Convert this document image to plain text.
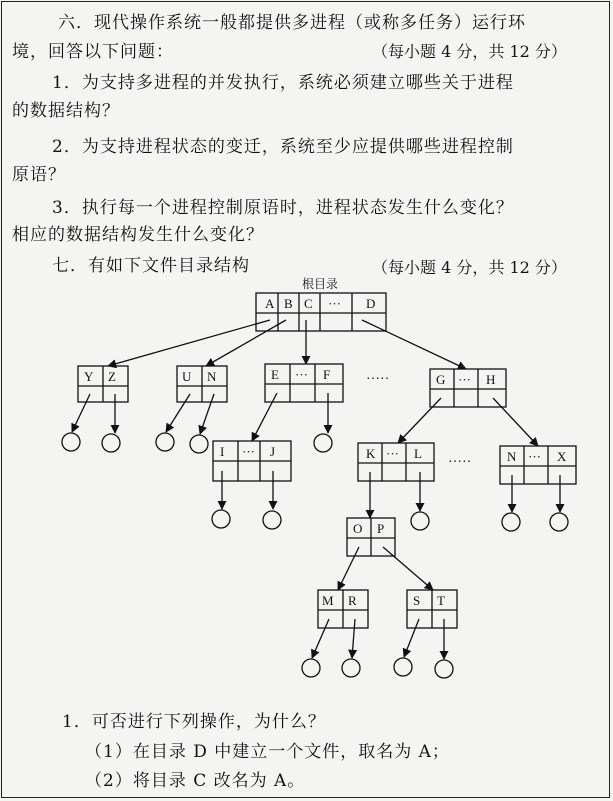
六．现代操作系统一般都提供多进程（或称多任务）运行环
境，回答以下问题：	（每小题 4 分，共 12 分）
1．为支持多进程的并发执行，系统必须建立哪些关于进程
的数据结构？
2．为支持进程状态的变迁，系统至少应提供哪些进程控制
原语？
3．执行每一个进程控制原语时，进程状态发生什么变化？
相应的数据结构发生什么变化？
七．有如下文件目录结构	（每小题 4 分，共 12 分）
根目录
A B C ··· D
Y Z	U N	E ··· F	G ··· H
I ··· J	K ··· L	N ··· X
O P
M R	S T
·····
·····
1．可否进行下列操作，为什么？
（1）在目录 D 中建立一个文件，取名为 A；
（2）将目录 C 改名为 A。
